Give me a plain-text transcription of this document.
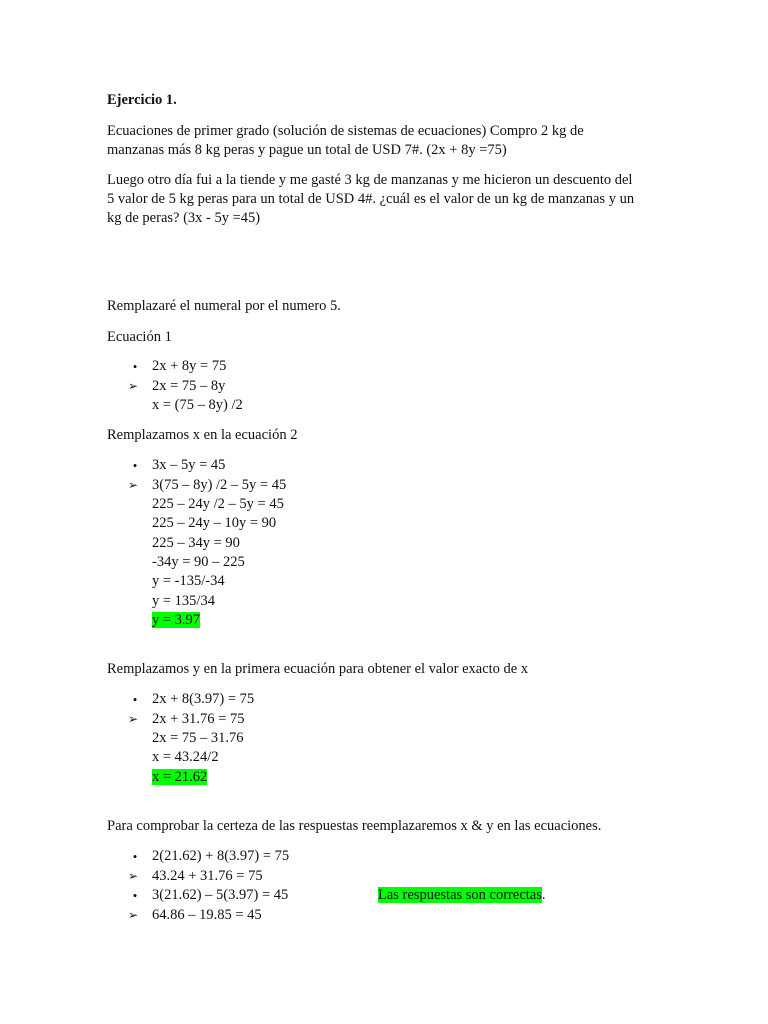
Ejercicio 1.
Ecuaciones de primer grado (solución de sistemas de ecuaciones) Compro 2 kg de
manzanas más 8 kg peras y pague un total de USD 7#. (2x + 8y =75)
Luego otro día fui a la tiende y me gasté 3 kg de manzanas y me hicieron un descuento del
5 valor de 5 kg peras para un total de USD 4#. ¿cuál es el valor de un kg de manzanas y un
kg de peras? (3x - 5y =45)
Remplazaré el numeral por el numero 5.
Ecuación 1
• 2x + 8y = 75
➢ 2x = 75 – 8y
x = (75 – 8y) /2
Remplazamos x en la ecuación 2
• 3x – 5y = 45
➢ 3(75 – 8y) /2 – 5y = 45
225 – 24y /2 – 5y = 45
225 – 24y – 10y = 90
225 – 34y = 90
-34y = 90 – 225
y = -135/-34
y = 135/34
y = 3.97
Remplazamos y en la primera ecuación para obtener el valor exacto de x
• 2x + 8(3.97) = 75
➢ 2x + 31.76 = 75
2x = 75 – 31.76
x = 43.24/2
x = 21.62
Para comprobar la certeza de las respuestas reemplazaremos x & y en las ecuaciones.
• 2(21.62) + 8(3.97) = 75
➢ 43.24 + 31.76 = 75
• 3(21.62) – 5(3.97) = 45	Las respuestas son correctas.
➢ 64.86 – 19.85 = 45
